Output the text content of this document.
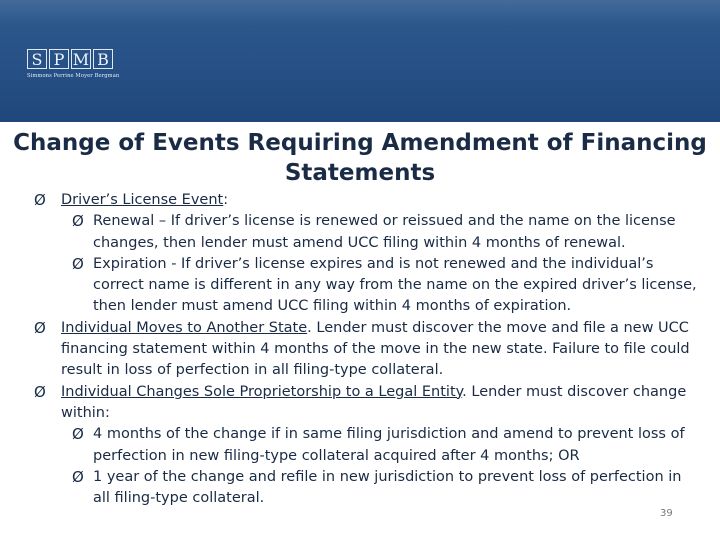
S P M B
Simmons Perrine Moyer Bergman
Change of Events Requiring Amendment of Financing Statements
Ø Driver’s License Event:
Ø Renewal – If driver’s license is renewed or reissued and the name on the license changes, then lender must amend UCC filing within 4 months of renewal.
Ø Expiration - If driver’s license expires and is not renewed and the individual’s correct name is different in any way from the name on the expired driver’s license, then lender must amend UCC filing within 4 months of expiration.
Ø Individual Moves to Another State. Lender must discover the move and file a new UCC financing statement within 4 months of the move in the new state. Failure to file could result in loss of perfection in all filing-type collateral.
Ø Individual Changes Sole Proprietorship to a Legal Entity. Lender must discover change within:
Ø 4 months of the change if in same filing jurisdiction and amend to prevent loss of perfection in new filing-type collateral acquired after 4 months; OR
Ø 1 year of the change and refile in new jurisdiction to prevent loss of perfection in all filing-type collateral.
39
